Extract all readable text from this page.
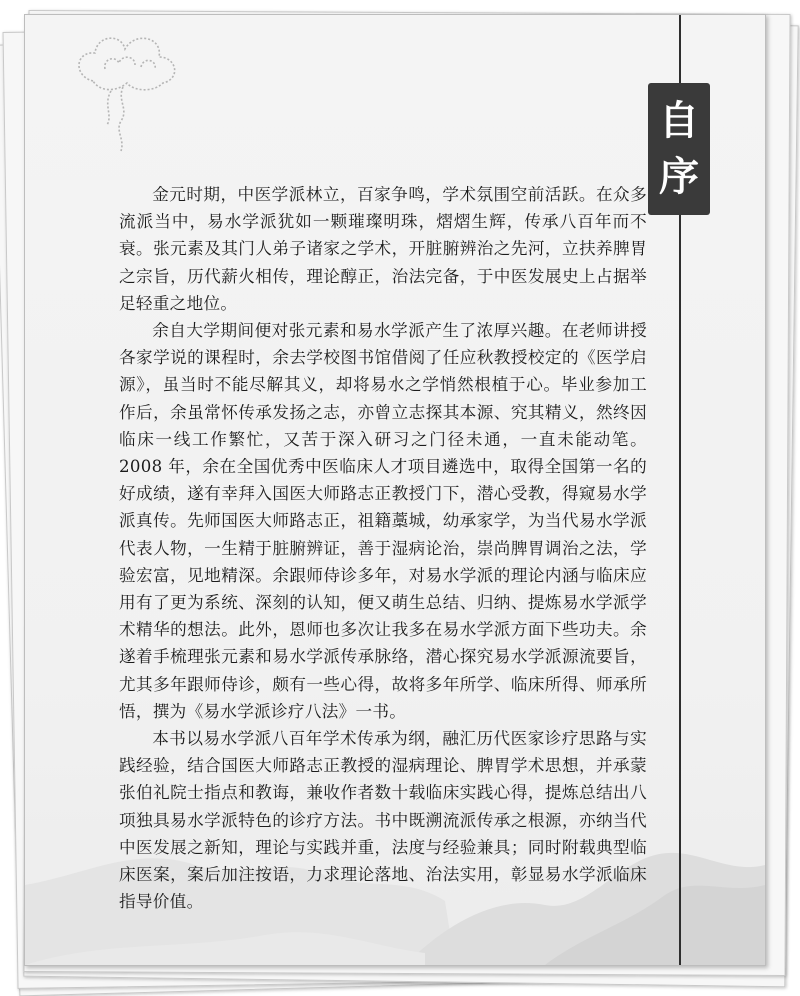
自
序

金元时期，中医学派林立，百家争鸣，学术氛围空前活跃。在众多流派当中，易水学派犹如一颗璀璨明珠，熠熠生辉，传承八百年而不衰。张元素及其门人弟子诸家之学术，开脏腑辨治之先河，立扶养脾胃之宗旨，历代薪火相传，理论醇正，治法完备，于中医发展史上占据举足轻重之地位。

余自大学期间便对张元素和易水学派产生了浓厚兴趣。在老师讲授各家学说的课程时，余去学校图书馆借阅了任应秋教授校定的《医学启源》，虽当时不能尽解其义，却将易水之学悄然根植于心。毕业参加工作后，余虽常怀传承发扬之志，亦曾立志探其本源、究其精义，然终因临床一线工作繁忙，又苦于深入研习之门径未通，一直未能动笔。2008 年，余在全国优秀中医临床人才项目遴选中，取得全国第一名的好成绩，遂有幸拜入国医大师路志正教授门下，潜心受教，得窥易水学派真传。先师国医大师路志正，祖籍藁城，幼承家学，为当代易水学派代表人物，一生精于脏腑辨证，善于湿病论治，崇尚脾胃调治之法，学验宏富，见地精深。余跟师侍诊多年，对易水学派的理论内涵与临床应用有了更为系统、深刻的认知，便又萌生总结、归纳、提炼易水学派学术精华的想法。此外，恩师也多次让我多在易水学派方面下些功夫。余遂着手梳理张元素和易水学派传承脉络，潜心探究易水学派源流要旨，尤其多年跟师侍诊，颇有一些心得，故将多年所学、临床所得、师承所悟，撰为《易水学派诊疗八法》一书。

本书以易水学派八百年学术传承为纲，融汇历代医家诊疗思路与实践经验，结合国医大师路志正教授的湿病理论、脾胃学术思想，并承蒙张伯礼院士指点和教诲，兼收作者数十载临床实践心得，提炼总结出八项独具易水学派特色的诊疗方法。书中既溯流派传承之根源，亦纳当代中医发展之新知，理论与实践并重，法度与经验兼具；同时附载典型临床医案，案后加注按语，力求理论落地、治法实用，彰显易水学派临床指导价值。
